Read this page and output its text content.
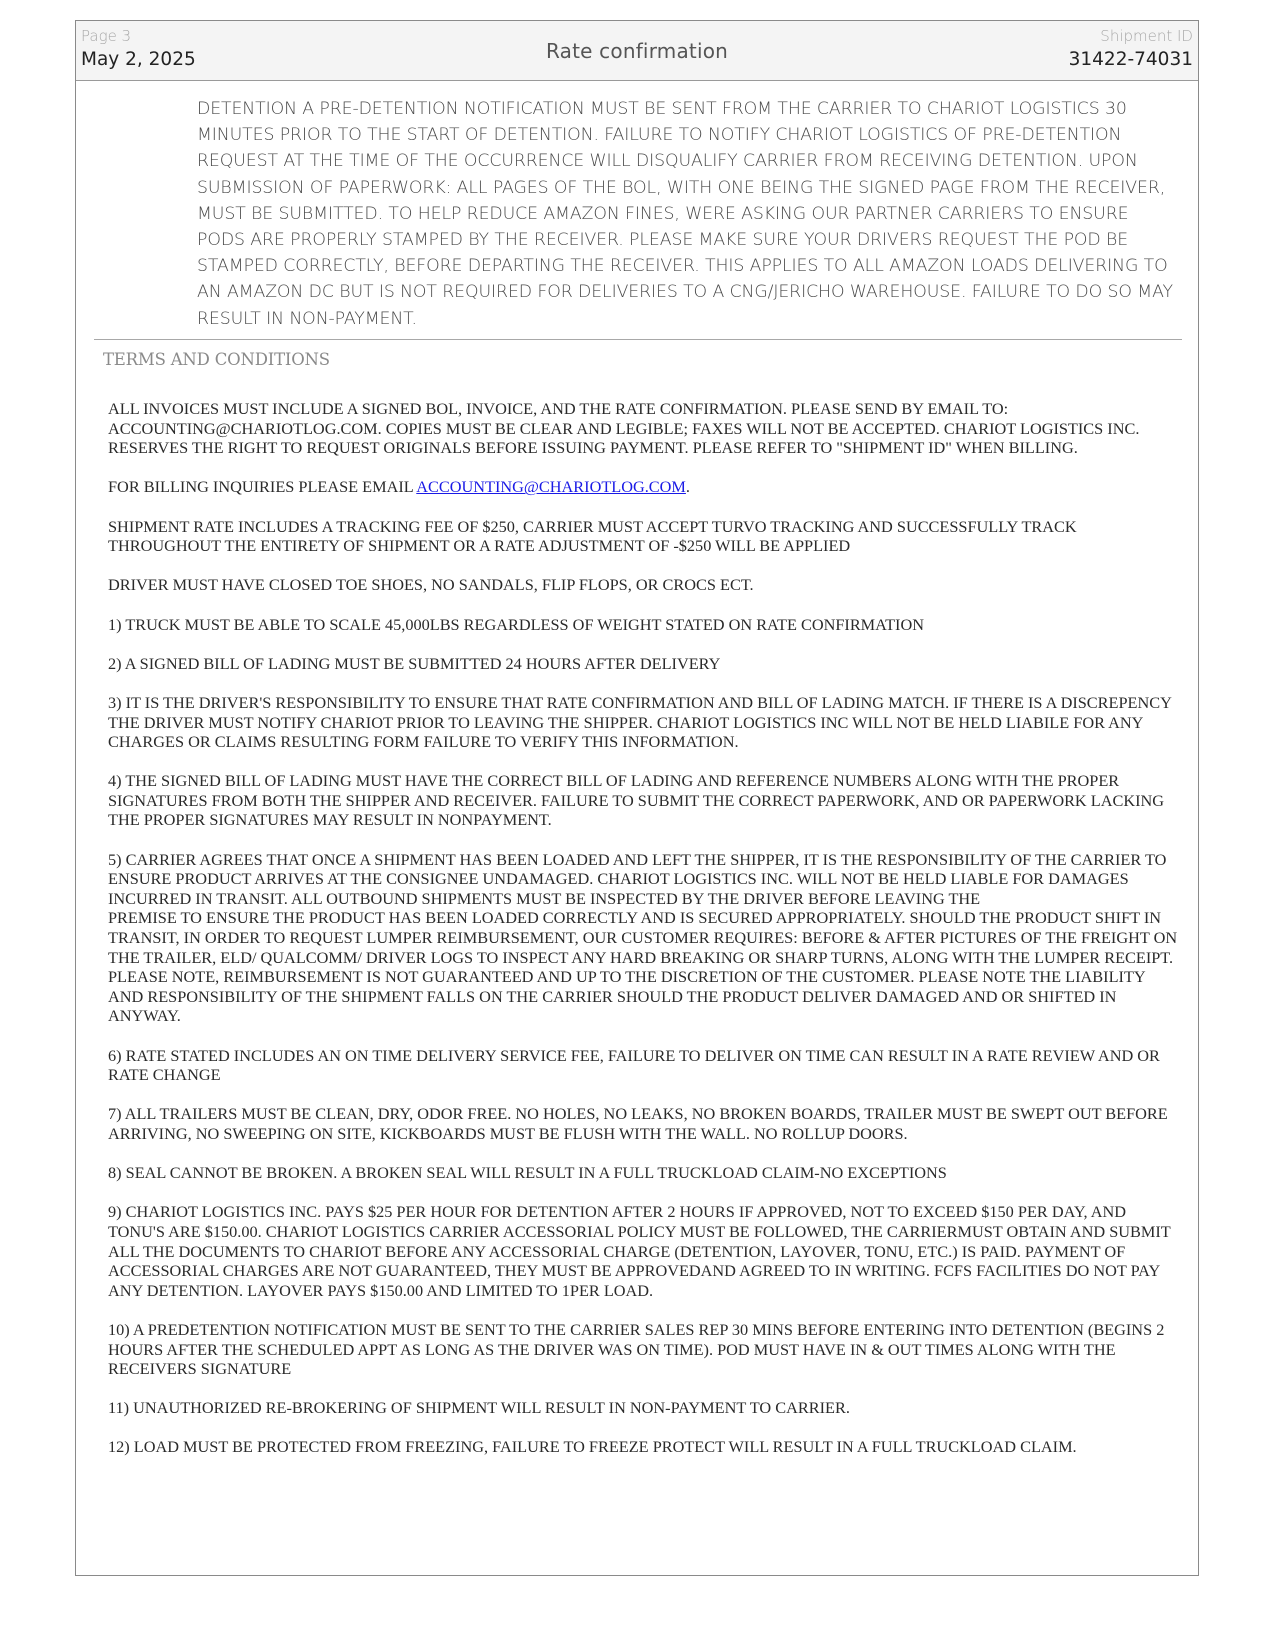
Page 3
May 2, 2025	Rate confirmation
Shipment ID
31422-74031
DETENTION A PRE-DETENTION NOTIFICATION MUST BE SENT FROM THE CARRIER TO CHARIOT LOGISTICS 30 MINUTES PRIOR TO THE START OF DETENTION. FAILURE TO NOTIFY CHARIOT LOGISTICS OF PRE-DETENTION REQUEST AT THE TIME OF THE OCCURRENCE WILL DISQUALIFY CARRIER FROM RECEIVING DETENTION. UPON SUBMISSION OF PAPERWORK: ALL PAGES OF THE BOL, WITH ONE BEING THE SIGNED PAGE FROM THE RECEIVER, MUST BE SUBMITTED. TO HELP REDUCE AMAZON FINES, WERE ASKING OUR PARTNER CARRIERS TO ENSURE PODS ARE PROPERLY STAMPED BY THE RECEIVER. PLEASE MAKE SURE YOUR DRIVERS REQUEST THE POD BE STAMPED CORRECTLY, BEFORE DEPARTING THE RECEIVER. THIS APPLIES TO ALL AMAZON LOADS DELIVERING TO AN AMAZON DC BUT IS NOT REQUIRED FOR DELIVERIES TO A CNG/JERICHO WAREHOUSE. FAILURE TO DO SO MAY RESULT IN NON-PAYMENT.
TERMS AND CONDITIONS

ALL INVOICES MUST INCLUDE A SIGNED BOL, INVOICE, AND THE RATE CONFIRMATION. PLEASE SEND BY EMAIL TO: ACCOUNTING@CHARIOTLOG.COM. COPIES MUST BE CLEAR AND LEGIBLE; FAXES WILL NOT BE ACCEPTED. CHARIOT LOGISTICS INC. RESERVES THE RIGHT TO REQUEST ORIGINALS BEFORE ISSUING PAYMENT. PLEASE REFER TO "SHIPMENT ID" WHEN BILLING.

FOR BILLING INQUIRIES PLEASE EMAIL ACCOUNTING@CHARIOTLOG.COM.

SHIPMENT RATE INCLUDES A TRACKING FEE OF $250, CARRIER MUST ACCEPT TURVO TRACKING AND SUCCESSFULLY TRACK THROUGHOUT THE ENTIRETY OF SHIPMENT OR A RATE ADJUSTMENT OF -$250 WILL BE APPLIED

DRIVER MUST HAVE CLOSED TOE SHOES, NO SANDALS, FLIP FLOPS, OR CROCS ECT.

1) TRUCK MUST BE ABLE TO SCALE 45,000LBS REGARDLESS OF WEIGHT STATED ON RATE CONFIRMATION

2) A SIGNED BILL OF LADING MUST BE SUBMITTED 24 HOURS AFTER DELIVERY

3) IT IS THE DRIVER'S RESPONSIBILITY TO ENSURE THAT RATE CONFIRMATION AND BILL OF LADING MATCH. IF THERE IS A DISCREPENCY THE DRIVER MUST NOTIFY CHARIOT PRIOR TO LEAVING THE SHIPPER. CHARIOT LOGISTICS INC WILL NOT BE HELD LIABILE FOR ANY CHARGES OR CLAIMS RESULTING FORM FAILURE TO VERIFY THIS INFORMATION.

4) THE SIGNED BILL OF LADING MUST HAVE THE CORRECT BILL OF LADING AND REFERENCE NUMBERS ALONG WITH THE PROPER SIGNATURES FROM BOTH THE SHIPPER AND RECEIVER. FAILURE TO SUBMIT THE CORRECT PAPERWORK, AND OR PAPERWORK LACKING THE PROPER SIGNATURES MAY RESULT IN NONPAYMENT.

5) CARRIER AGREES THAT ONCE A SHIPMENT HAS BEEN LOADED AND LEFT THE SHIPPER, IT IS THE RESPONSIBILITY OF THE CARRIER TO ENSURE PRODUCT ARRIVES AT THE CONSIGNEE UNDAMAGED. CHARIOT LOGISTICS INC. WILL NOT BE HELD LIABLE FOR DAMAGES INCURRED IN TRANSIT. ALL OUTBOUND SHIPMENTS MUST BE INSPECTED BY THE DRIVER BEFORE LEAVING THE
PREMISE TO ENSURE THE PRODUCT HAS BEEN LOADED CORRECTLY AND IS SECURED APPROPRIATELY. SHOULD THE PRODUCT SHIFT IN TRANSIT, IN ORDER TO REQUEST LUMPER REIMBURSEMENT, OUR CUSTOMER REQUIRES: BEFORE & AFTER PICTURES OF THE FREIGHT ON THE TRAILER, ELD/ QUALCOMM/ DRIVER LOGS TO INSPECT ANY HARD BREAKING OR SHARP TURNS, ALONG WITH THE LUMPER RECEIPT. PLEASE NOTE, REIMBURSEMENT IS NOT GUARANTEED AND UP TO THE DISCRETION OF THE CUSTOMER. PLEASE NOTE THE LIABILITY AND RESPONSIBILITY OF THE SHIPMENT FALLS ON THE CARRIER SHOULD THE PRODUCT DELIVER DAMAGED AND OR SHIFTED IN ANYWAY.

6) RATE STATED INCLUDES AN ON TIME DELIVERY SERVICE FEE, FAILURE TO DELIVER ON TIME CAN RESULT IN A RATE REVIEW AND OR RATE CHANGE

7) ALL TRAILERS MUST BE CLEAN, DRY, ODOR FREE. NO HOLES, NO LEAKS, NO BROKEN BOARDS, TRAILER MUST BE SWEPT OUT BEFORE ARRIVING, NO SWEEPING ON SITE, KICKBOARDS MUST BE FLUSH WITH THE WALL. NO ROLLUP DOORS.

8) SEAL CANNOT BE BROKEN. A BROKEN SEAL WILL RESULT IN A FULL TRUCKLOAD CLAIM-NO EXCEPTIONS

9) CHARIOT LOGISTICS INC. PAYS $25 PER HOUR FOR DETENTION AFTER 2 HOURS IF APPROVED, NOT TO EXCEED $150 PER DAY, AND TONU'S ARE $150.00. CHARIOT LOGISTICS CARRIER ACCESSORIAL POLICY MUST BE FOLLOWED, THE CARRIERMUST OBTAIN AND SUBMIT ALL THE DOCUMENTS TO CHARIOT BEFORE ANY ACCESSORIAL CHARGE (DETENTION, LAYOVER, TONU, ETC.) IS PAID. PAYMENT OF ACCESSORIAL CHARGES ARE NOT GUARANTEED, THEY MUST BE APPROVEDAND AGREED TO IN WRITING. FCFS FACILITIES DO NOT PAY ANY DETENTION. LAYOVER PAYS $150.00 AND LIMITED TO 1PER LOAD.

10) A PREDETENTION NOTIFICATION MUST BE SENT TO THE CARRIER SALES REP 30 MINS BEFORE ENTERING INTO DETENTION (BEGINS 2 HOURS AFTER THE SCHEDULED APPT AS LONG AS THE DRIVER WAS ON TIME). POD MUST HAVE IN & OUT TIMES ALONG WITH THE RECEIVERS SIGNATURE

11) UNAUTHORIZED RE-BROKERING OF SHIPMENT WILL RESULT IN NON-PAYMENT TO CARRIER.

12) LOAD MUST BE PROTECTED FROM FREEZING, FAILURE TO FREEZE PROTECT WILL RESULT IN A FULL TRUCKLOAD CLAIM.
